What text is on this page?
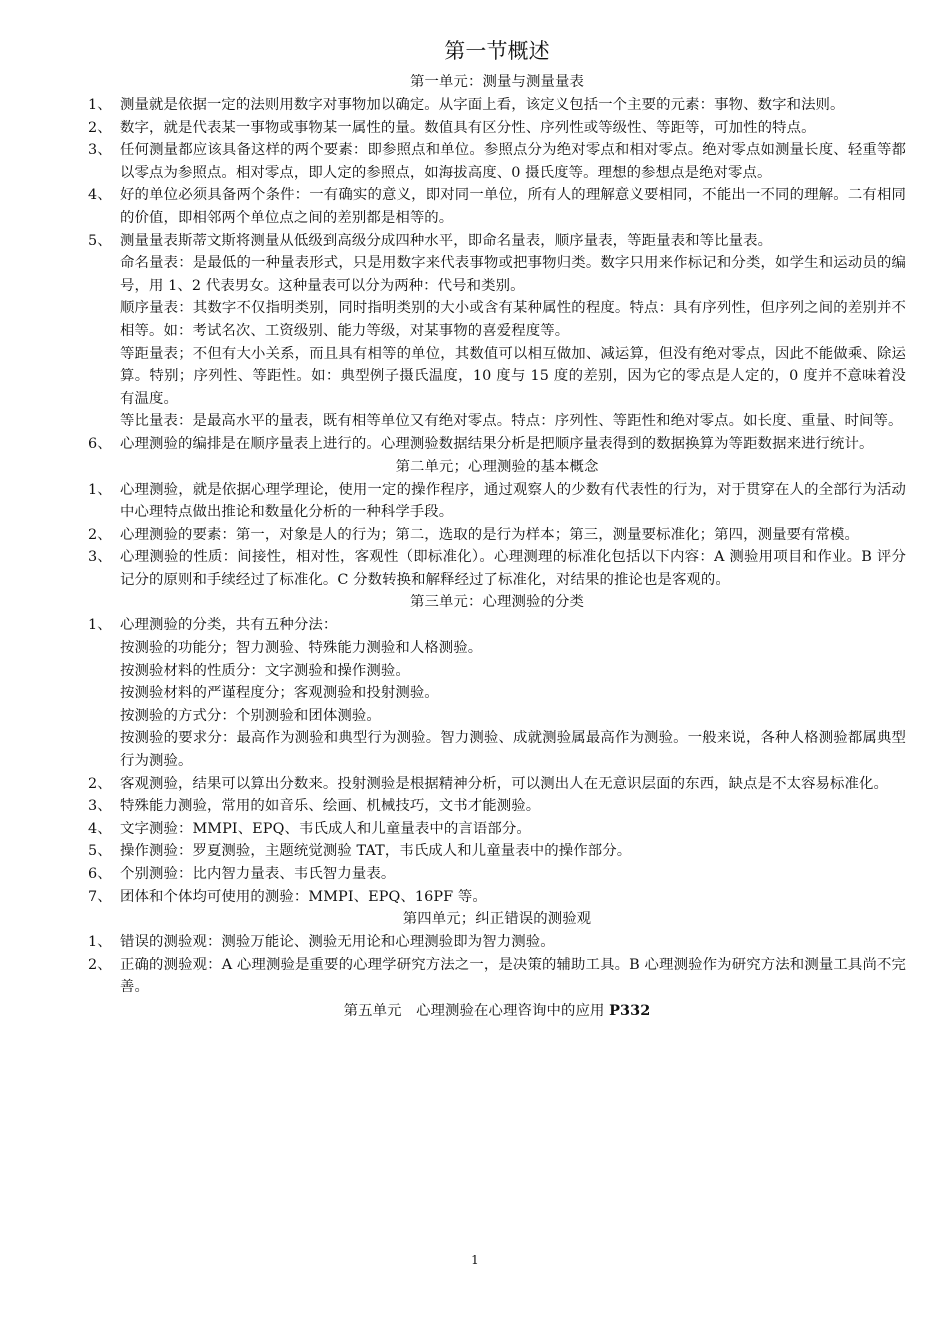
第一节概述
第一单元：测量与测量量表
1、 测量就是依据一定的法则用数字对事物加以确定。从字面上看，该定义包括一个主要的元素：事物、数字和法则。
2、 数字，就是代表某一事物或事物某一属性的量。数值具有区分性、序列性或等级性、等距等，可加性的特点。
3、 任何测量都应该具备这样的两个要素：即参照点和单位。参照点分为绝对零点和相对零点。绝对零点如测量长度、轻重等都以零点为参照点。相对零点，即人定的参照点，如海拔高度、0 摄氏度等。理想的参想点是绝对零点。
4、 好的单位必须具备两个条件：一有确实的意义，即对同一单位，所有人的理解意义要相同，不能出一不同的理解。二有相同的价值，即相邻两个单位点之间的差别都是相等的。
5、 测量量表斯蒂文斯将测量从低级到高级分成四种水平，即命名量表，顺序量表，等距量表和等比量表。
命名量表：是最低的一种量表形式，只是用数字来代表事物或把事物归类。数字只用来作标记和分类，如学生和运动员的编号，用 1、2 代表男女。这种量表可以分为两种：代号和类别。
顺序量表：其数字不仅指明类别，同时指明类别的大小或含有某种属性的程度。特点：具有序列性，但序列之间的差别并不相等。如：考试名次、工资级别、能力等级，对某事物的喜爱程度等。
等距量表；不但有大小关系，而且具有相等的单位，其数值可以相互做加、减运算，但没有绝对零点，因此不能做乘、除运算。特别；序列性、等距性。如：典型例子摄氏温度，10 度与 15 度的差别，因为它的零点是人定的，0 度并不意味着没有温度。
等比量表：是最高水平的量表，既有相等单位又有绝对零点。特点：序列性、等距性和绝对零点。如长度、重量、时间等。
6、 心理测验的编排是在顺序量表上进行的。心理测验数据结果分析是把顺序量表得到的数据换算为等距数据来进行统计。
第二单元；心理测验的基本概念
1、 心理测验，就是依据心理学理论，使用一定的操作程序，通过观察人的少数有代表性的行为，对于贯穿在人的全部行为活动中心理特点做出推论和数量化分析的一种科学手段。
2、 心理测验的要素：第一，对象是人的行为；第二，选取的是行为样本；第三，测量要标准化；第四，测量要有常模。
3、 心理测验的性质：间接性，相对性，客观性（即标准化）。心理测理的标准化包括以下内容：A 测验用项目和作业。B 评分记分的原则和手续经过了标准化。C 分数转换和解释经过了标准化，对结果的推论也是客观的。
第三单元：心理测验的分类
1、 心理测验的分类，共有五种分法：
按测验的功能分；智力测验、特殊能力测验和人格测验。
按测验材料的性质分：文字测验和操作测验。
按测验材料的严谨程度分；客观测验和投射测验。
按测验的方式分：个别测验和团体测验。
按测验的要求分：最高作为测验和典型行为测验。智力测验、成就测验属最高作为测验。一般来说，各种人格测验都属典型行为测验。
2、 客观测验，结果可以算出分数来。投射测验是根据精神分析，可以测出人在无意识层面的东西，缺点是不太容易标准化。
3、 特殊能力测验，常用的如音乐、绘画、机械技巧，文书才能测验。
4、 文字测验：MMPI、EPQ、韦氏成人和儿童量表中的言语部分。
5、 操作测验：罗夏测验，主题统觉测验 TAT，韦氏成人和儿童量表中的操作部分。
6、 个别测验：比内智力量表、韦氏智力量表。
7、 团体和个体均可使用的测验：MMPI、EPQ、16PF 等。
第四单元；纠正错误的测验观
1、 错误的测验观：测验万能论、测验无用论和心理测验即为智力测验。
2、 正确的测验观：A 心理测验是重要的心理学研究方法之一，是决策的辅助工具。B 心理测验作为研究方法和测量工具尚不完善。
第五单元　心理测验在心理咨询中的应用 P332
1
